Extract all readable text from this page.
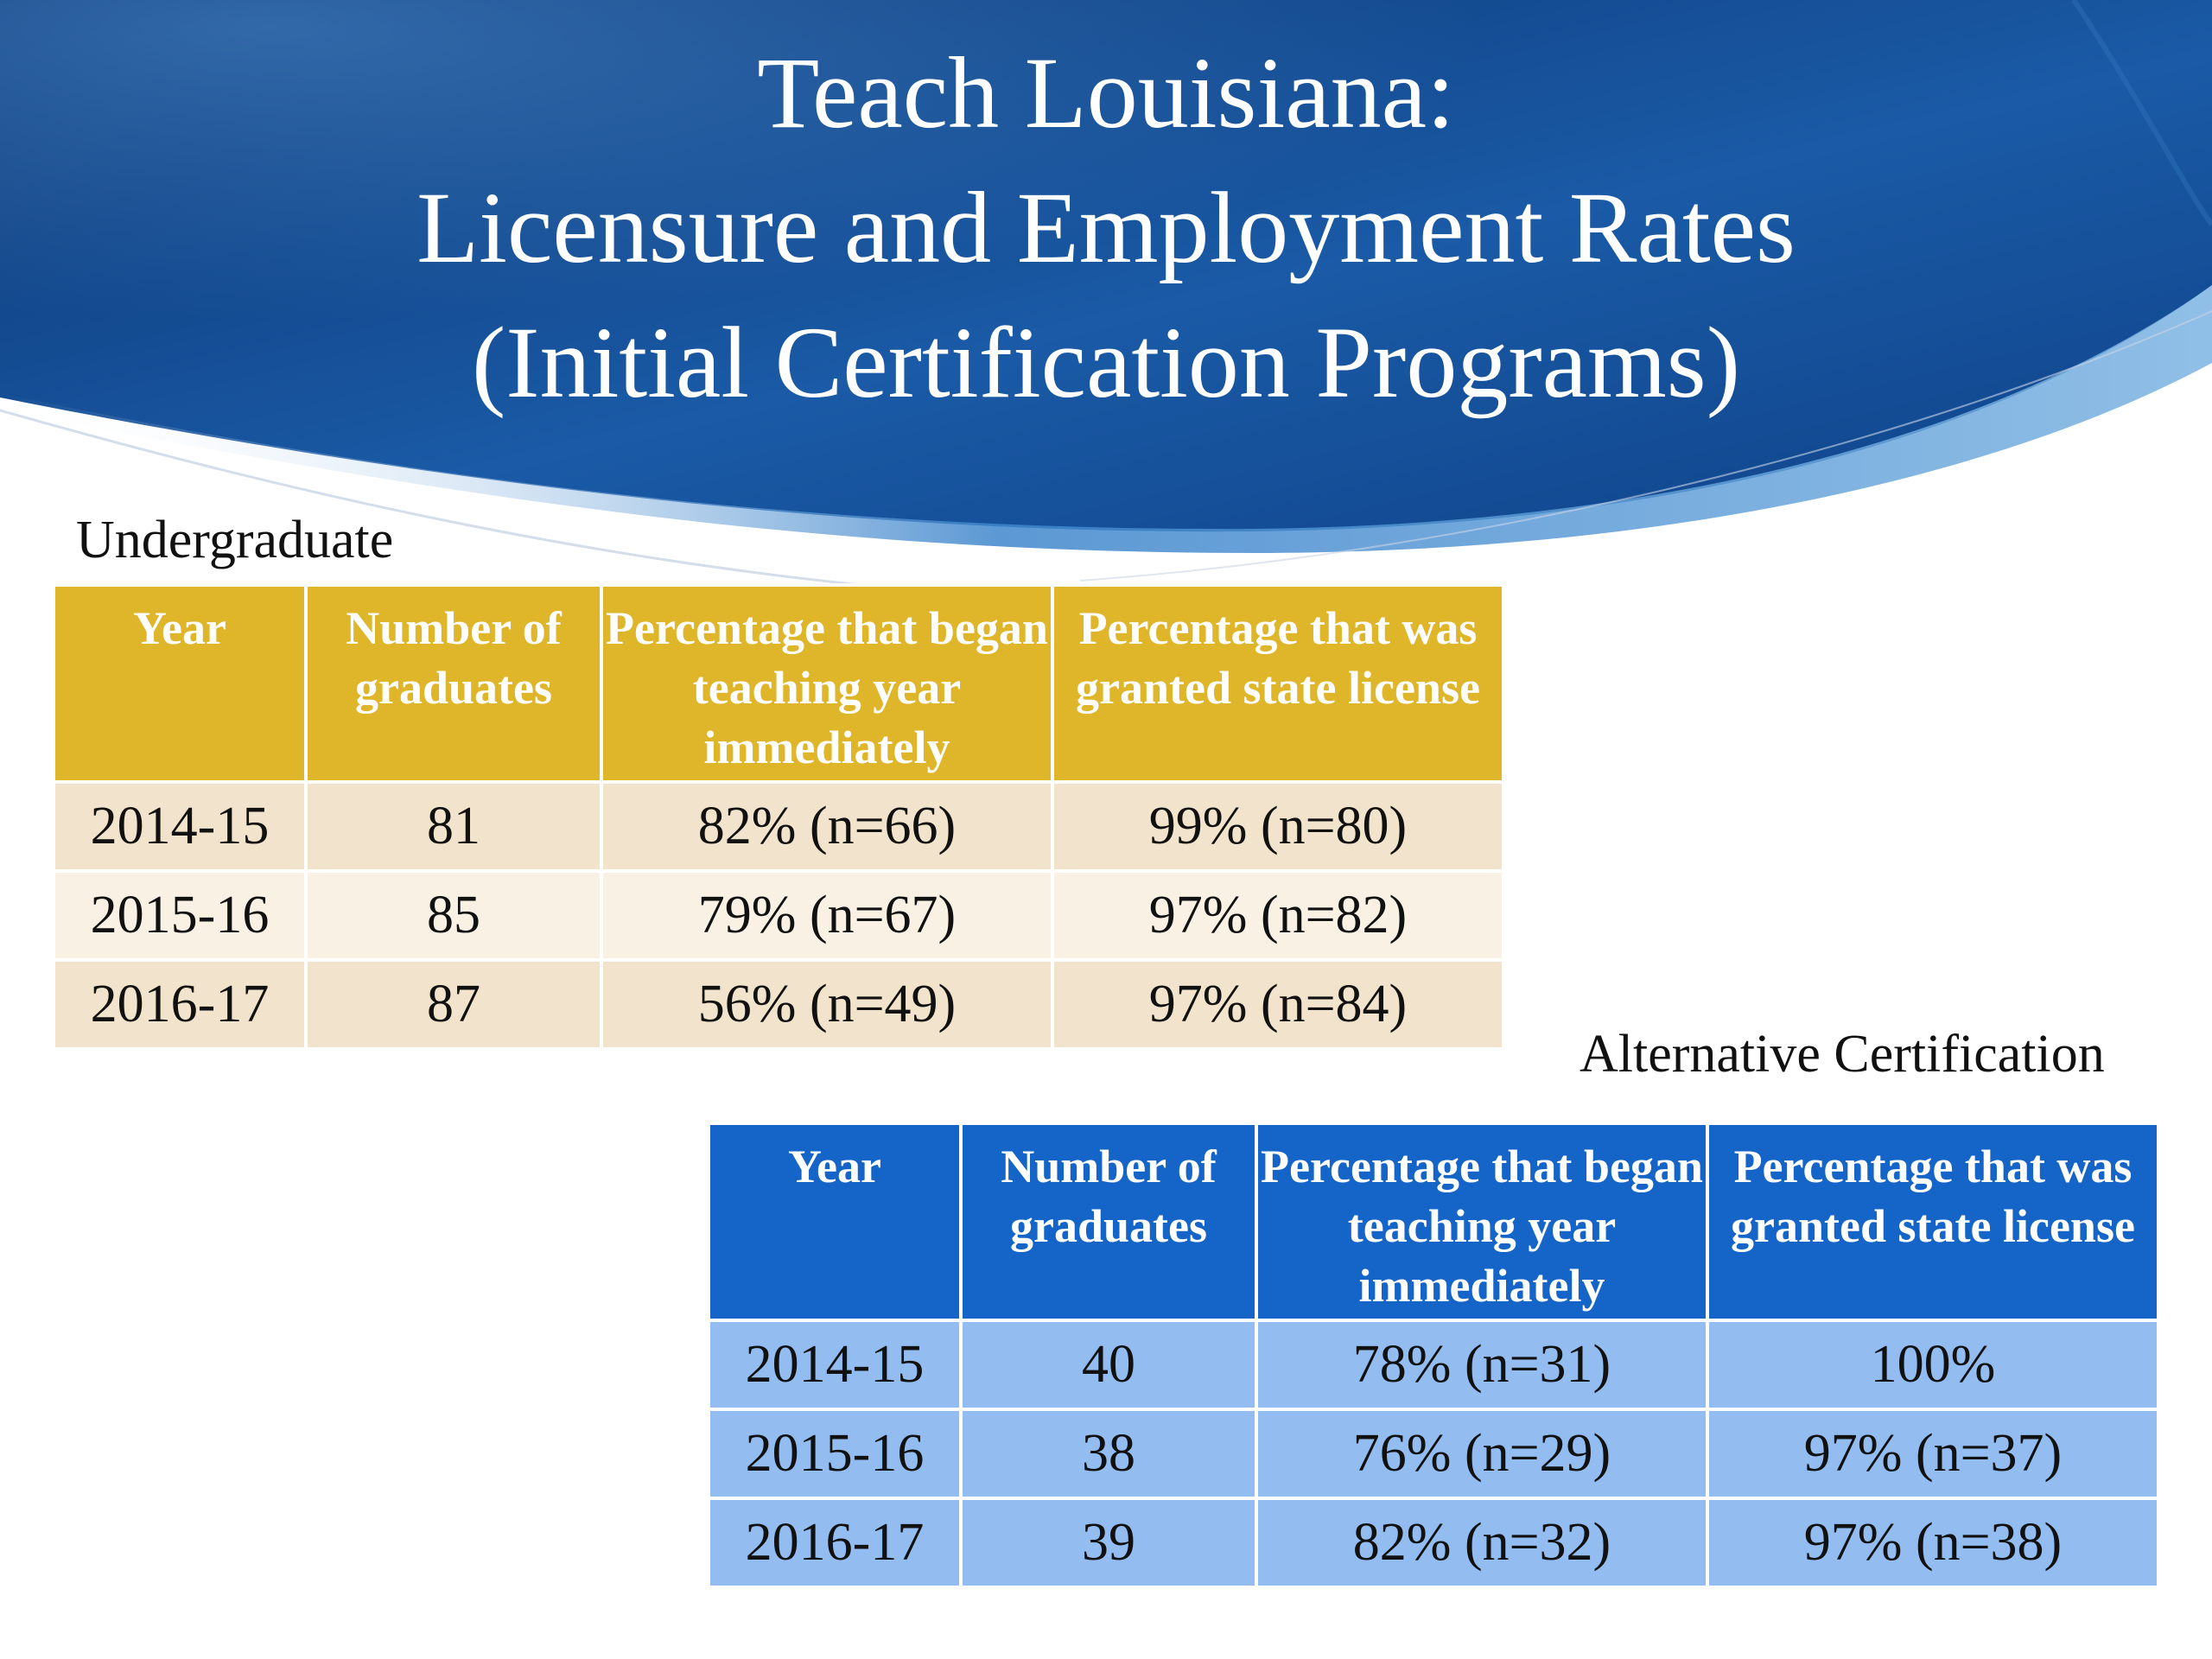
Teach Louisiana:
Licensure and Employment Rates
(Initial Certification Programs)
Undergraduate
Year	Number of graduates	Percentage that began teaching year immediately	Percentage that was granted state license
2014-15	81	82% (n=66)	99% (n=80)
2015-16	85	79% (n=67)	97% (n=82)
2016-17	87	56% (n=49)	97% (n=84)
Alternative Certification
Year	Number of graduates	Percentage that began teaching year immediately	Percentage that was granted state license
2014-15	40	78% (n=31)	100%
2015-16	38	76% (n=29)	97% (n=37)
2016-17	39	82% (n=32)	97% (n=38)
